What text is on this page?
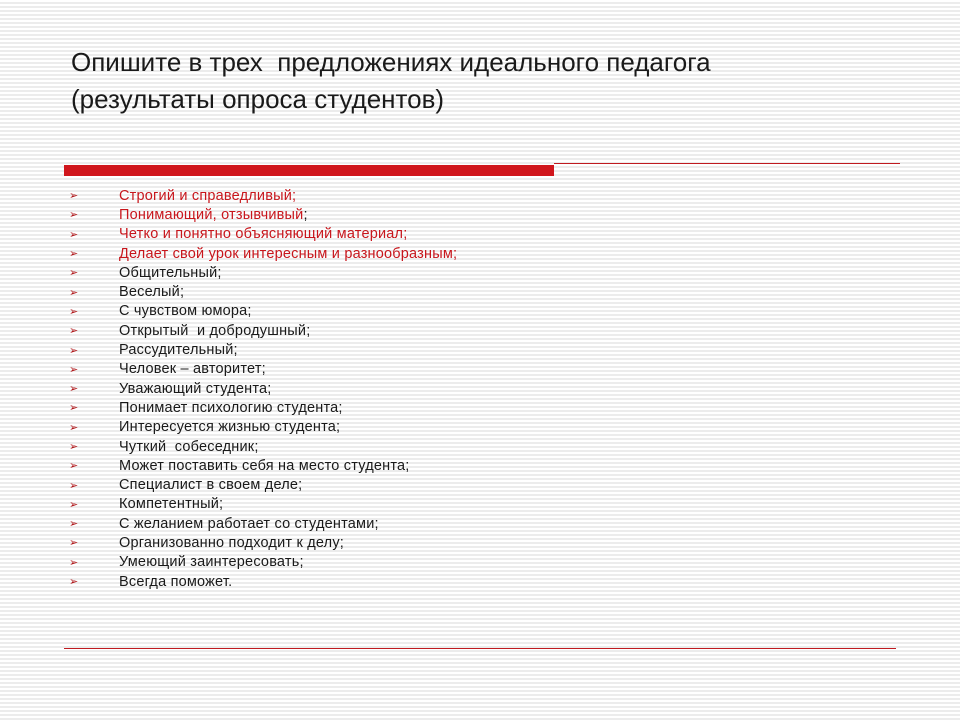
Опишите в трех  предложениях идеального педагога
(результаты опроса студентов)
➢	Строгий и справедливый;
➢	Понимающий, отзывчивый;
➢	Четко и понятно объясняющий материал;
➢	Делает свой урок интересным и разнообразным;
➢	Общительный;
➢	Веселый;
➢	С чувством юмора;
➢	Открытый  и добродушный;
➢	Рассудительный;
➢	Человек – авторитет;
➢	Уважающий студента;
➢	Понимает психологию студента;
➢	Интересуется жизнью студента;
➢	Чуткий  собеседник;
➢	Может поставить себя на место студента;
➢	Специалист в своем деле;
➢	Компетентный;
➢	С желанием работает со студентами;
➢	Организованно подходит к делу;
➢	Умеющий заинтересовать;
➢	Всегда поможет.
